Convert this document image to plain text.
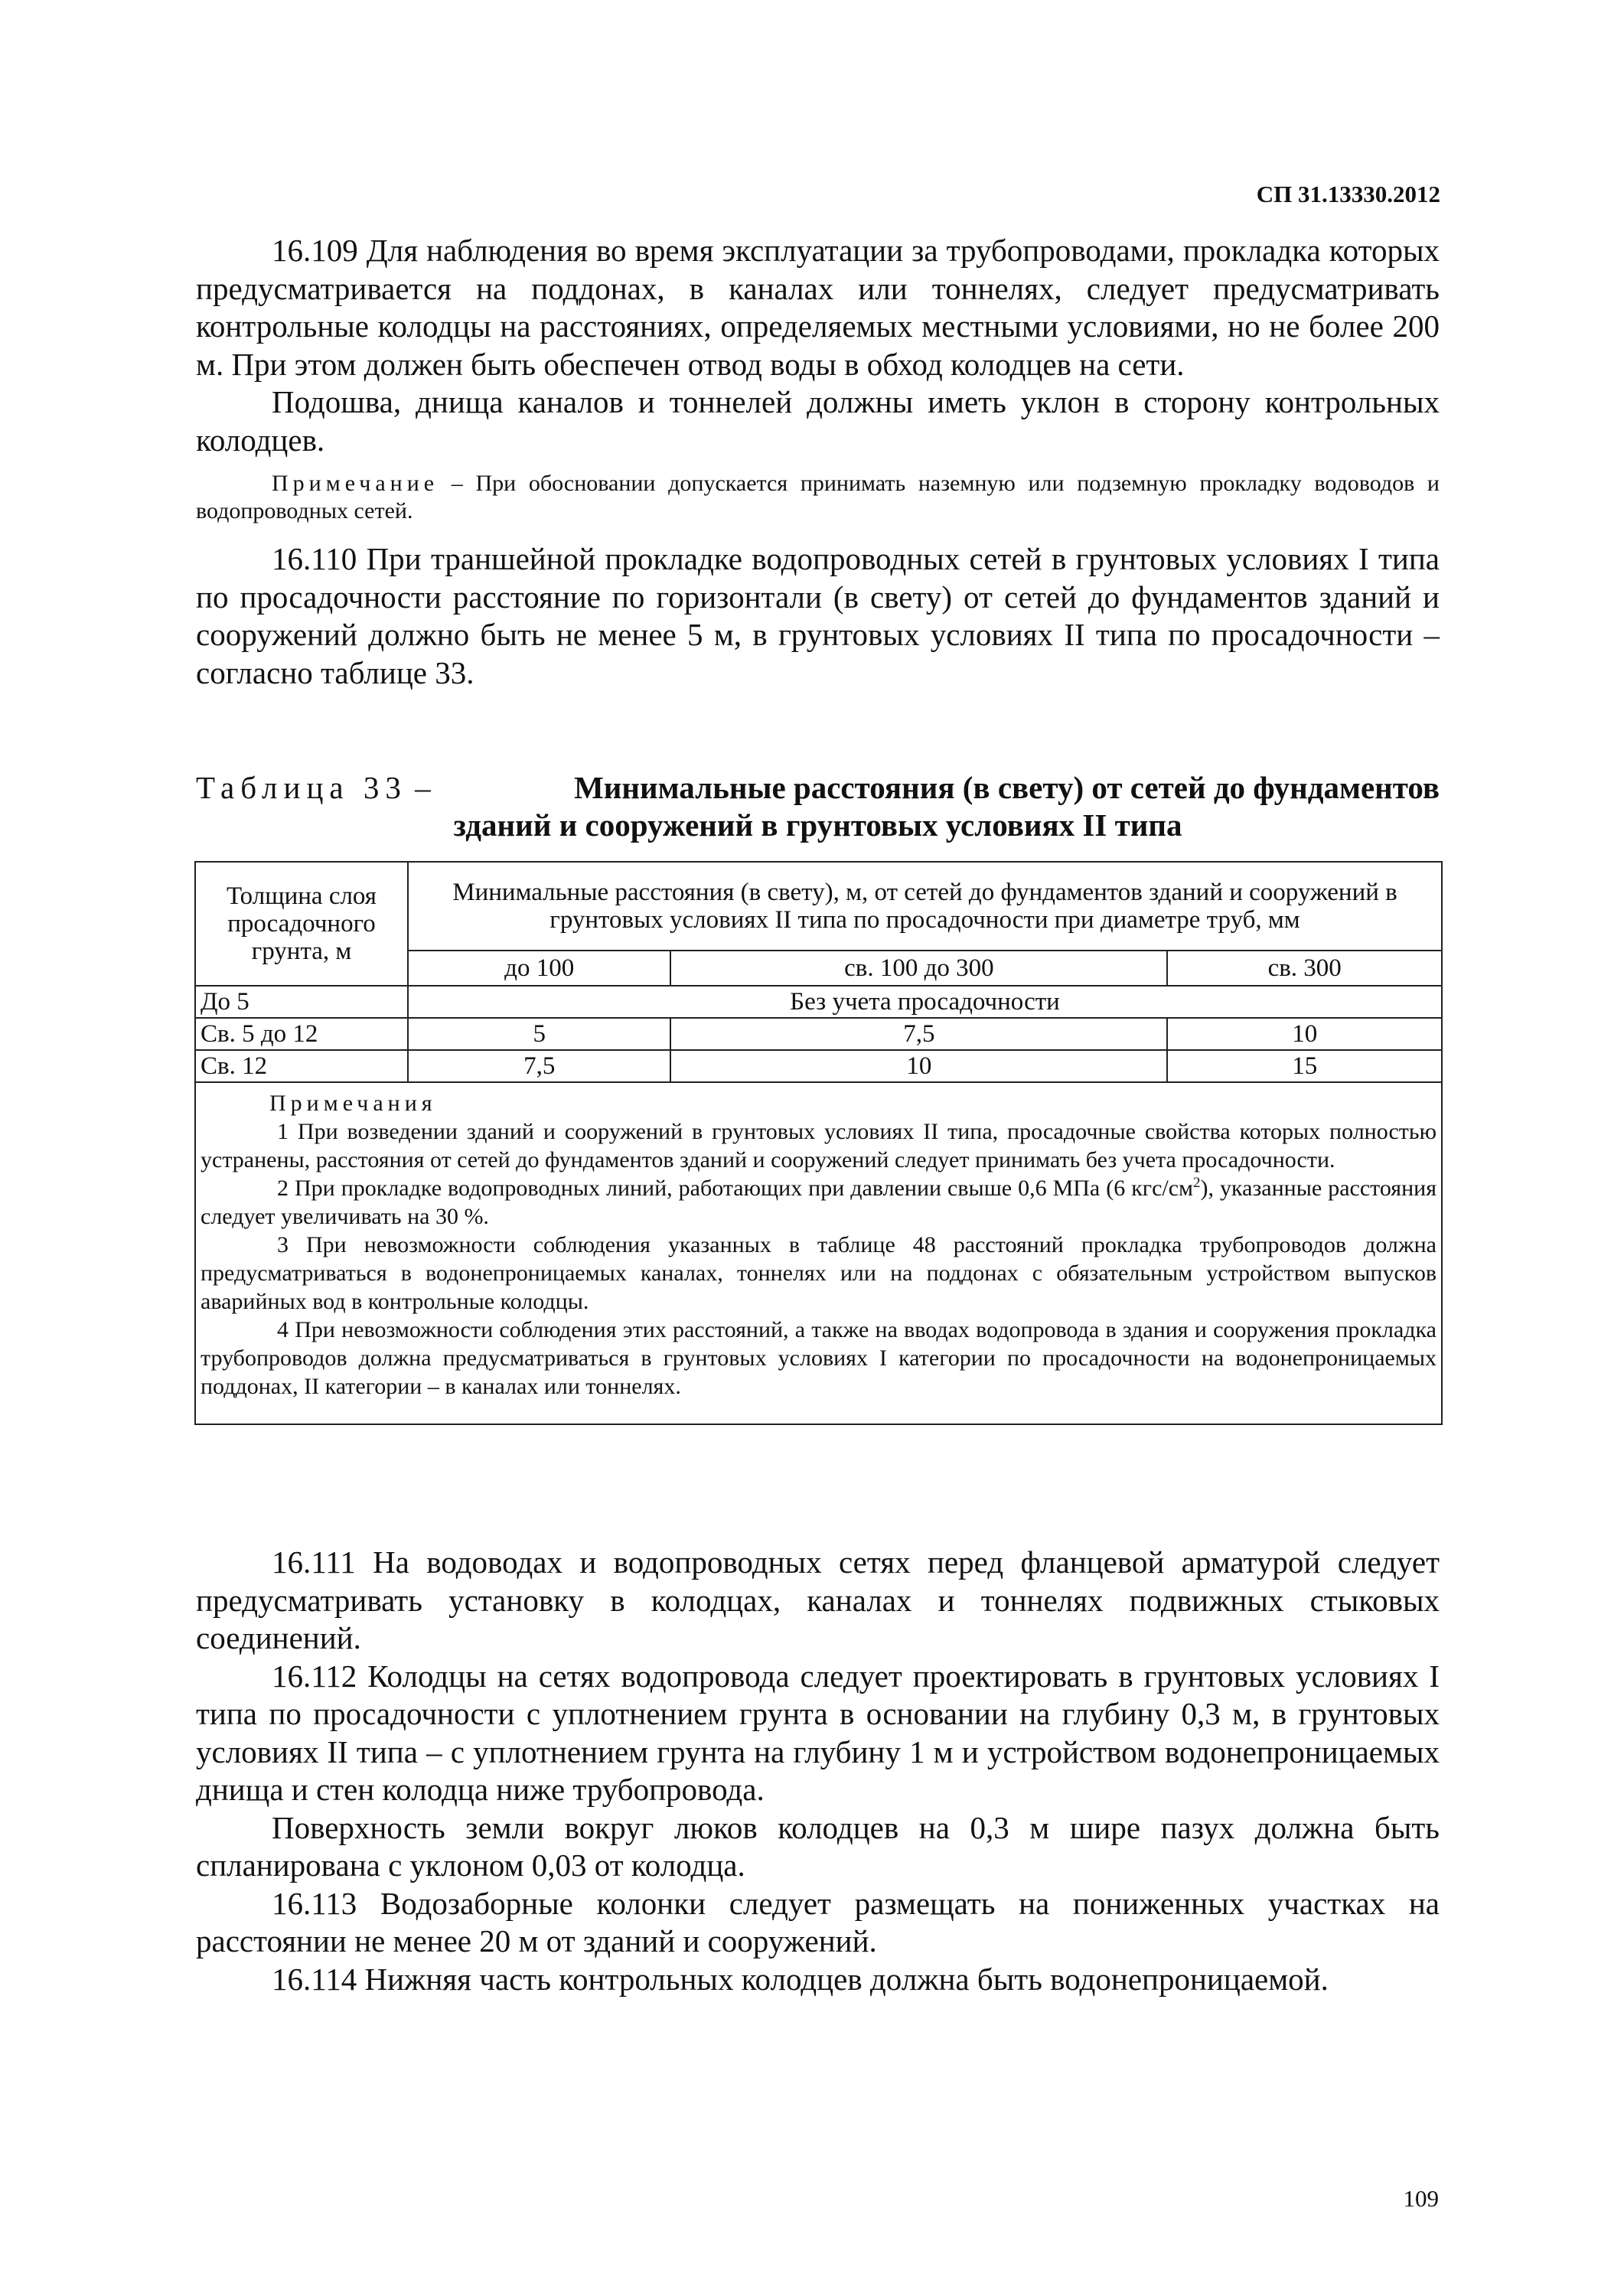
СП 31.13330.2012

16.109 Для наблюдения во время эксплуатации за трубопроводами, прокладка которых предусматривается на поддонах, в каналах или тоннелях, следует предусматривать контрольные колодцы на расстояниях, определяемых местными условиями, но не более 200 м. При этом должен быть обеспечен отвод воды в обход колодцев на сети.

Подошва, днища каналов и тоннелей должны иметь уклон в сторону контрольных колодцев.

Примечание – При обосновании допускается принимать наземную или подземную прокладку водоводов и водопроводных сетей.

16.110 При траншейной прокладке водопроводных сетей в грунтовых условиях I типа по просадочности расстояние по горизонтали (в свету) от сетей до фундаментов зданий и сооружений должно быть не менее 5 м, в грунтовых условиях II типа по просадочности – согласно таблице 33.

Таблица 33 –	Минимальные расстояния (в свету) от сетей до фундаментов
зданий и сооружений в грунтовых условиях II типа
Толщина слоя просадочного грунта, м	Минимальные расстояния (в свету), м, от сетей до фундаментов зданий и сооружений в грунтовых условиях II типа по просадочности при диаметре труб, мм		
	до 100	св. 100 до 300	св. 300
До 5	Без учета просадочности		
Св. 5 до 12	5	7,5	10
Св. 12	7,5	10	15

Примечания

1 При возведении зданий и сооружений в грунтовых условиях II типа, просадочные свойства которых полностью устранены, расстояния от сетей до фундаментов зданий и сооружений следует принимать без учета просадочности.

2 При прокладке водопроводных линий, работающих при давлении свыше 0,6 МПа (6 кгс/$см^2$), указанные расстояния следует увеличивать на 30 %.

3 При невозможности соблюдения указанных в таблице 48 расстояний прокладка трубопроводов должна предусматриваться в водонепроницаемых каналах, тоннелях или на поддонах с обязательным устройством выпусков аварийных вод в контрольные колодцы.

4 При невозможности соблюдения этих расстояний, а также на вводах водопровода в здания и сооружения прокладка трубопроводов должна предусматриваться в грунтовых условиях I категории по просадочности на водонепроницаемых поддонах, II категории – в каналах или тоннелях.			

16.111 На водоводах и водопроводных сетях перед фланцевой арматурой следует предусматривать установку в колодцах, каналах и тоннелях подвижных стыковых соединений.

16.112 Колодцы на сетях водопровода следует проектировать в грунтовых условиях I типа по просадочности с уплотнением грунта в основании на глубину 0,3 м, в грунтовых условиях II типа – с уплотнением грунта на глубину 1 м и устройством водонепроницаемых днища и стен колодца ниже трубопровода.

Поверхность земли вокруг люков колодцев на 0,3 м шире пазух должна быть спланирована с уклоном 0,03 от колодца.

16.113 Водозаборные колонки следует размещать на пониженных участках на расстоянии не менее 20 м от зданий и сооружений.

16.114 Нижняя часть контрольных колодцев должна быть водонепроницаемой.

109
